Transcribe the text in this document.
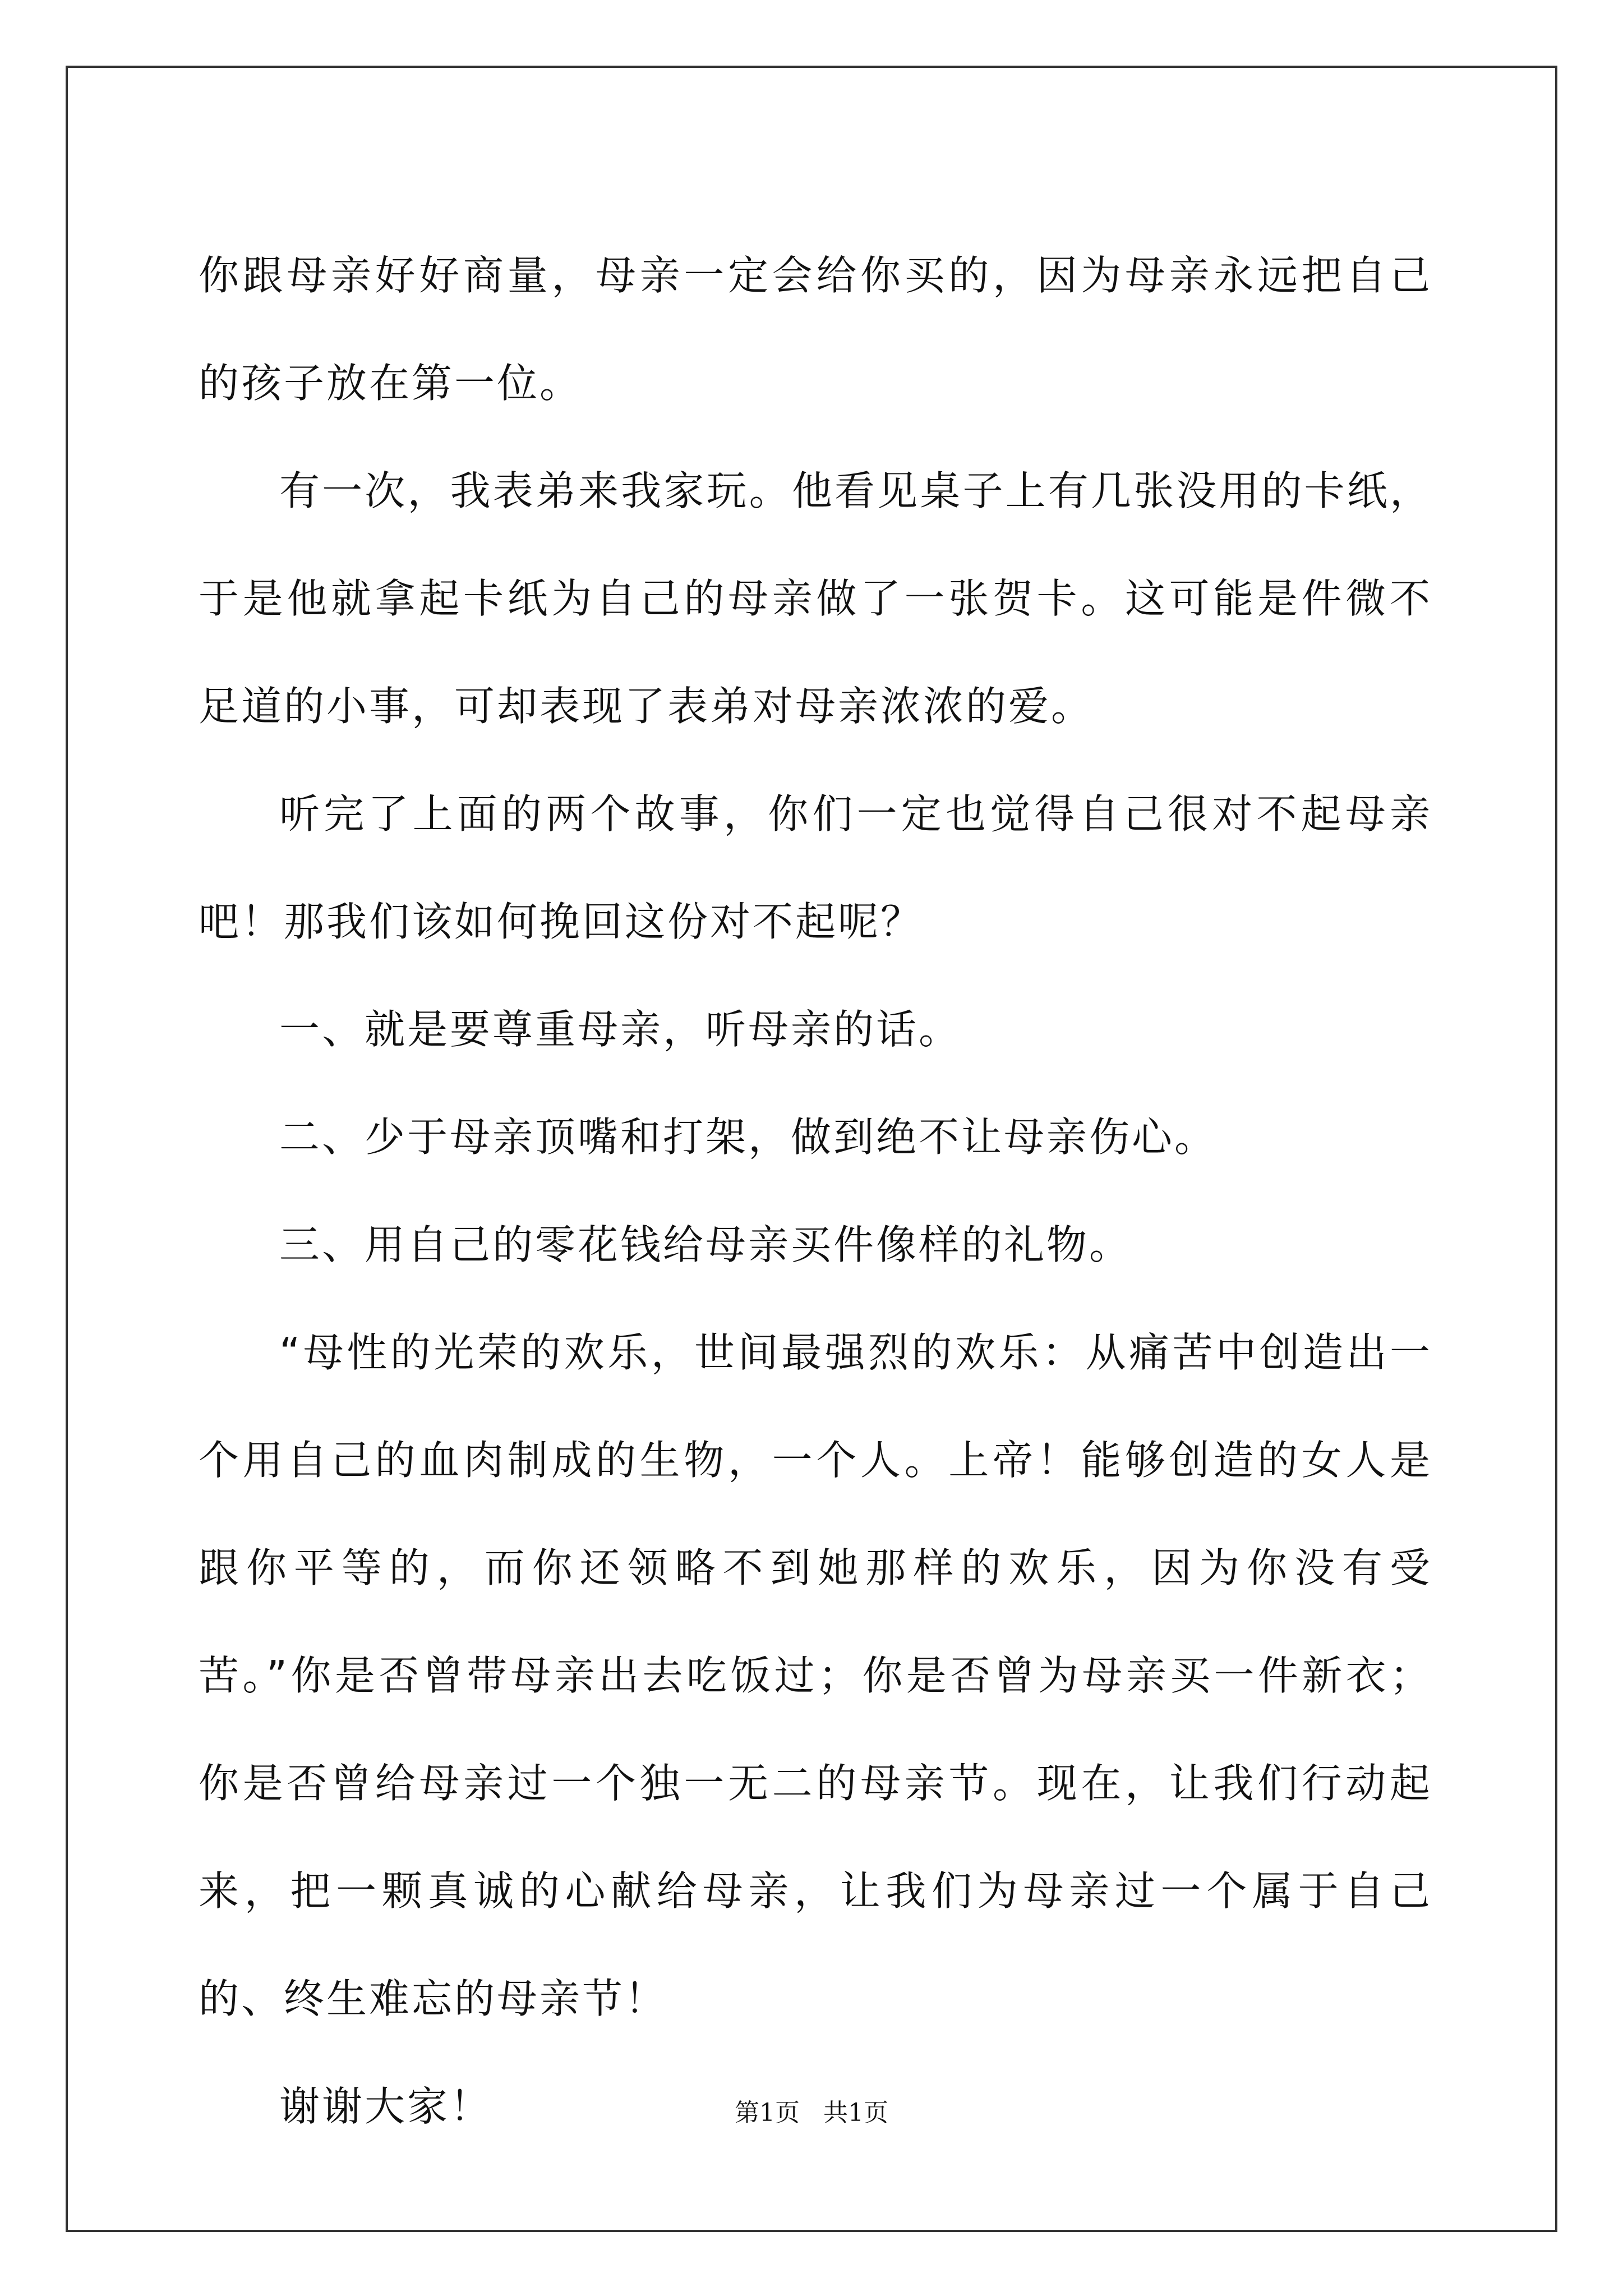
你跟母亲好好商量，母亲一定会给你买的，因为母亲永远把自己的孩子放在第一位。

有一次，我表弟来我家玩。他看见桌子上有几张没用的卡纸，于是他就拿起卡纸为自己的母亲做了一张贺卡。这可能是件微不足道的小事，可却表现了表弟对母亲浓浓的爱。

听完了上面的两个故事，你们一定也觉得自己很对不起母亲吧！那我们该如何挽回这份对不起呢？

一、就是要尊重母亲，听母亲的话。

二、少于母亲顶嘴和打架，做到绝不让母亲伤心。

三、用自己的零花钱给母亲买件像样的礼物。

“母性的光荣的欢乐，世间最强烈的欢乐：从痛苦中创造出一个用自己的血肉制成的生物，一个人。上帝！能够创造的女人是跟你平等的，而你还领略不到她那样的欢乐，因为你没有受苦。”你是否曾带母亲出去吃饭过；你是否曾为母亲买一件新衣；你是否曾给母亲过一个独一无二的母亲节。现在，让我们行动起来，把一颗真诚的心献给母亲，让我们为母亲过一个属于自己的、终生难忘的母亲节！

谢谢大家！	第1页   共1页
